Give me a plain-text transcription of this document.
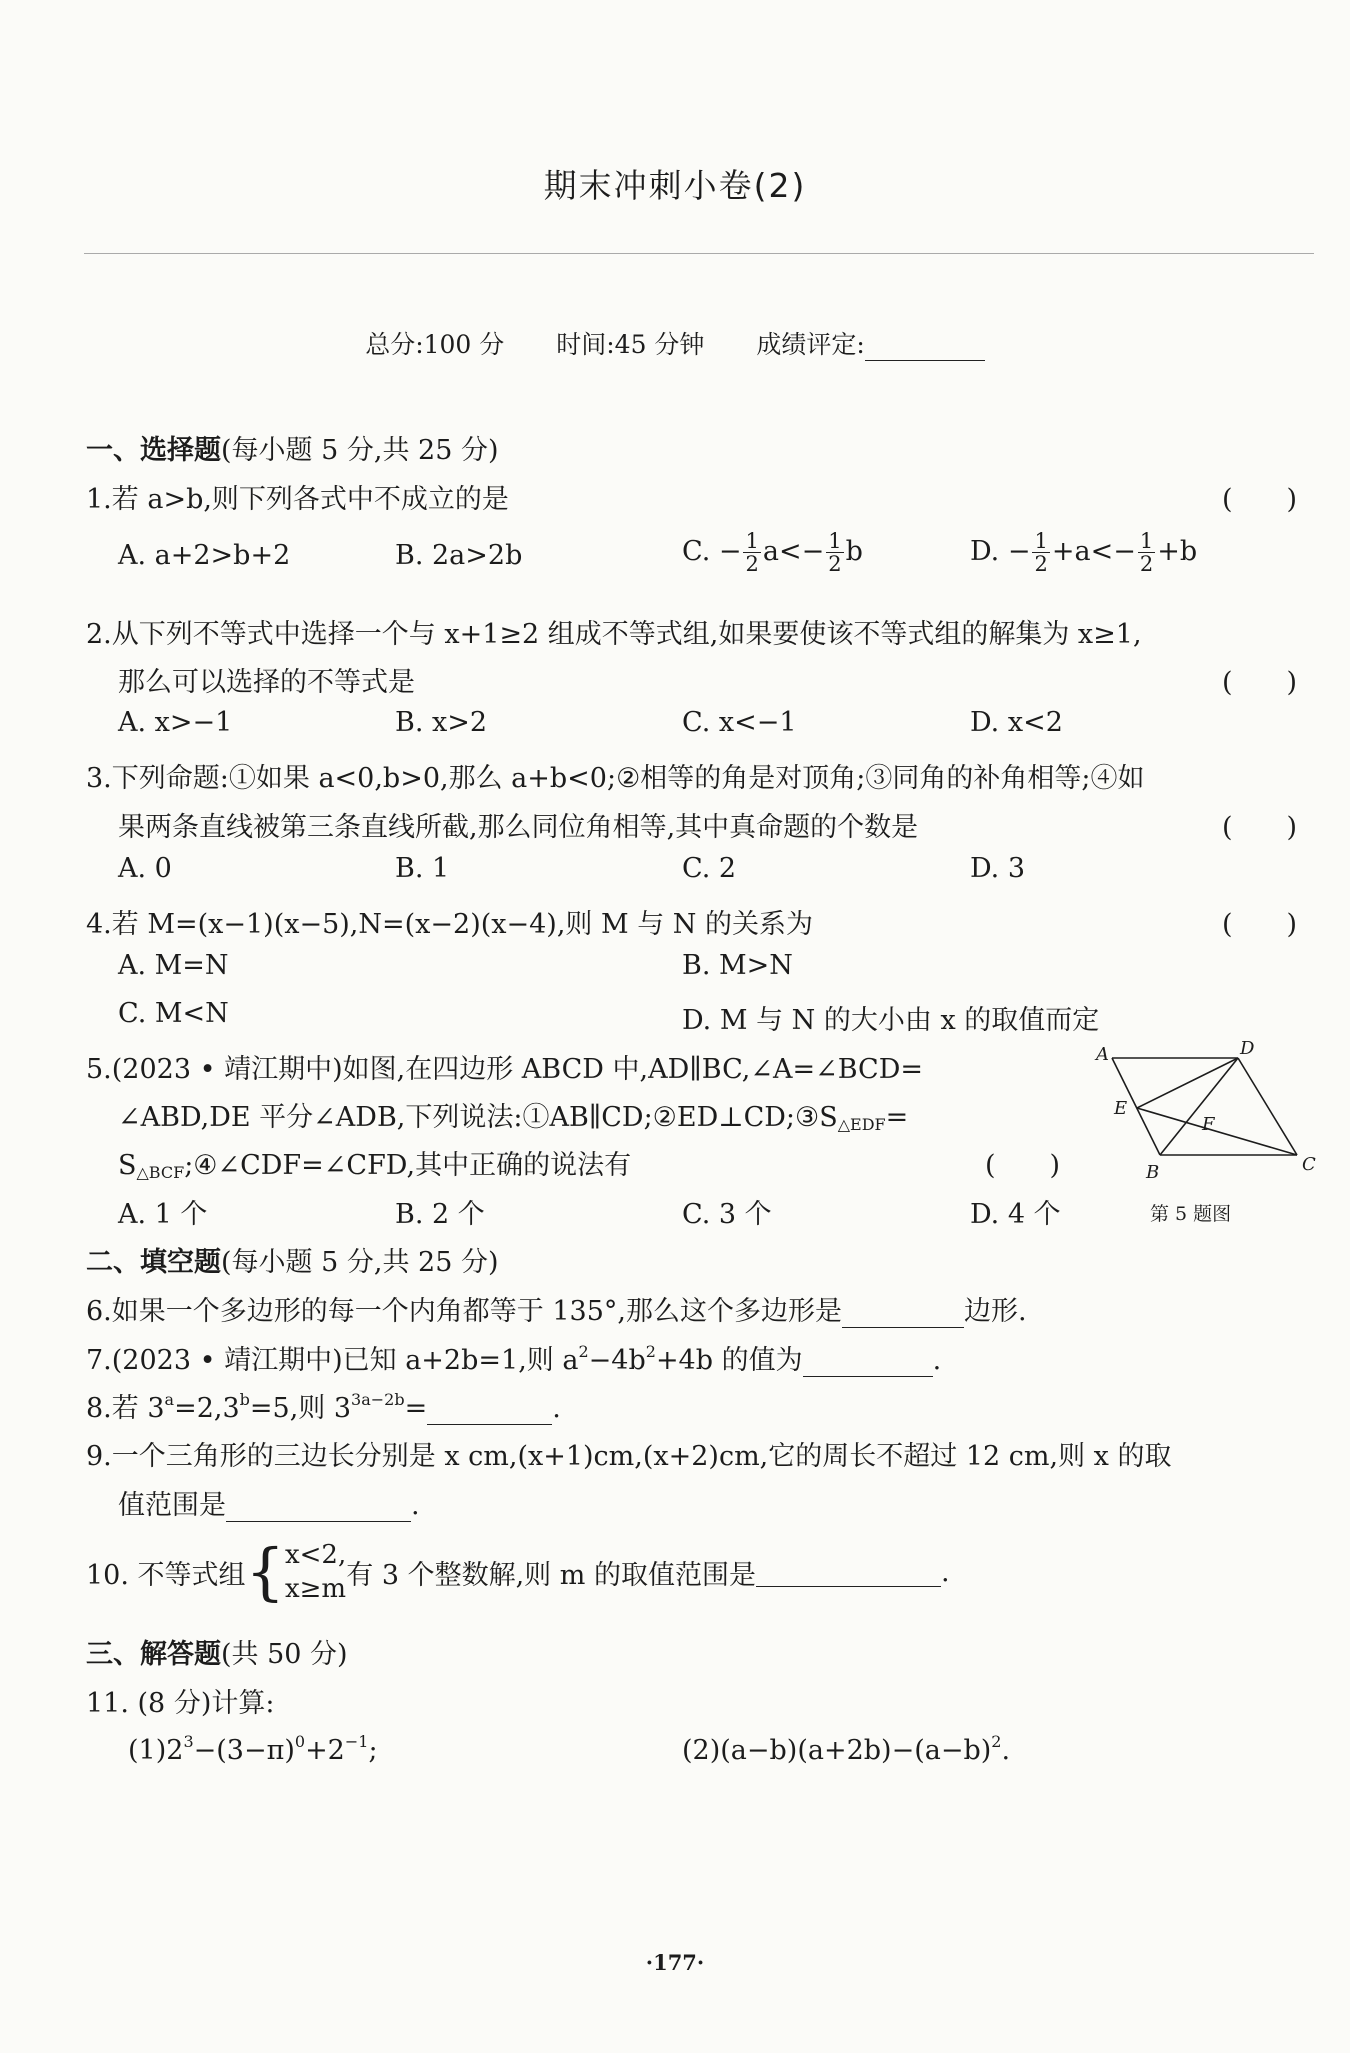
期末冲刺小卷(2)
总分:100 分 时间:45 分钟 成绩评定:
一、选择题(每小题 5 分,共 25 分)
1.若 a>b,则下列各式中不成立的是	(　　)
A. a+2>b+2	B. 2a>2b	C. − $\frac{1}{2} a<- \frac{1}{2}$ b	D. − $\frac{1}{2} +a<- \frac{1}{2} +b$
2.从下列不等式中选择一个与 x+1≥2 组成不等式组,如果要使该不等式组的解集为 x≥1,
那么可以选择的不等式是	(　　)
A. x>−1	B. x>2	C. x<−1	D. x<2
3.下列命题:①如果 a<0,b>0,那么 a+b<0;②相等的角是对顶角;③同角的补角相等;④如
果两条直线被第三条直线所截,那么同位角相等,其中真命题的个数是	(　　)
A. 0	B. 1	C. 2	D. 3
4.若 M=(x−1)(x−5),N=(x−2)(x−4),则 M 与 N 的关系为	(　　)
A. M=N	B. M>N
C. M<N	D. M 与 N 的大小由 x 的取值而定
5.(2023 • 靖江期中)如图,在四边形 ABCD 中,AD∥BC,∠A=∠BCD=
∠ABD,DE 平分∠ADB,下列说法$:①AB\parallel CD;②ED\perp CD;③S_{\triangle EDF}=$
$S_{\triangle BCF};④\angle CDF=\angle CFD$,其中正确的说法有	(　　)
A. 1 个	B. 2 个	C. 3 个	D. 4 个
A	D
E
F
B	C
第 5 题图
二、填空题(每小题 5 分,共 25 分)
6.如果一个多边形的每一个内角都等于 135°,那么这个多边形是	边形.
7.(2023 • 靖江期中)已知 a+2b=1,则 $a^2-4b^2+4b$ 的值为	.
8.若 $3^a=2,3^b=5$,则 $3^{3a-2b}=$	.
9.一个三角形的三边长分别是 x cm,(x+1)cm,(x+2)cm,它的周长不超过 12 cm,则 x 的取
值范围是	.
10. 不等式组 { x<2,
x≥m 有 3 个整数解,则 m 的取值范围是	.
三、解答题(共 50 分)
11. (8 分)计算:
$(1)2^3-(3-\pi)^0+2^{-1}$;	$(2)(a-b)(a+2b)-(a-b)^2$.
·177·
